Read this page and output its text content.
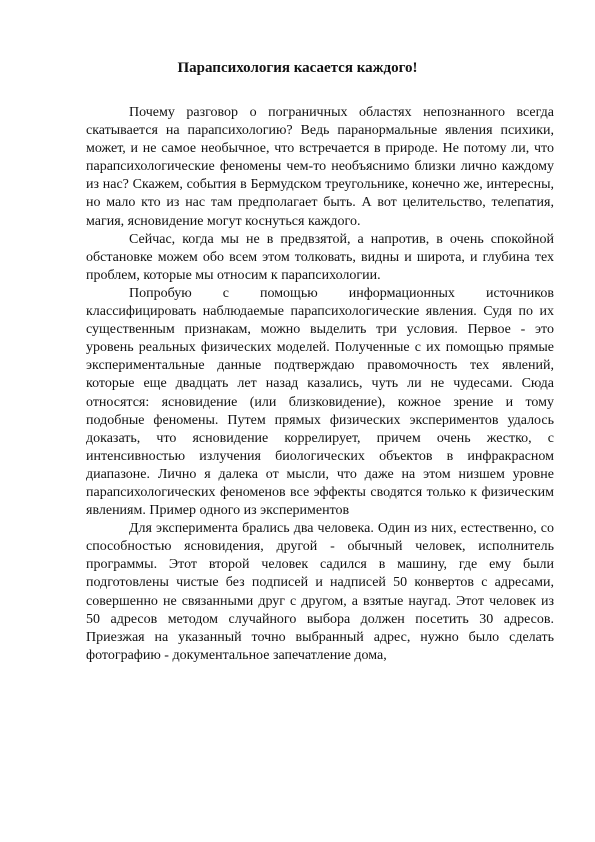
Парапсихология касается каждого!

Почему разговор о пограничных областях непознанного всегда скатывается на парапсихологию? Ведь паранормальные явления психики, может, и не самое необычное, что встречается в природе. Не потому ли, что парапсихологические феномены чем-то необъяснимо близки лично каждому из нас? Скажем, события в Бермудском треугольнике, конечно же, интересны, но мало кто из нас там предполагает быть. А вот целительство, телепатия, магия, ясновидение могут коснуться каждого.

Сейчас, когда мы не в предвзятой, а напротив, в очень спокойной обстановке можем обо всем этом толковать, видны и широта, и глубина тех проблем, которые мы относим к парапсихологии.

Попробую с помощью информационных источников классифицировать наблюдаемые парапсихологические явления. Судя по их существенным признакам, можно выделить три условия. Первое - это уровень реальных физических моделей. Полученные с их помощью прямые экспериментальные данные подтверждаю правомочность тех явлений, которые еще двадцать лет назад казались, чуть ли не чудесами. Сюда относятся: ясновидение (или близковидение), кожное зрение и тому подобные феномены. Путем прямых физических экспериментов удалось доказать, что ясновидение коррелирует, причем очень жестко, с интенсивностью излучения биологических объектов в инфракрасном диапазоне. Лично я далека от мысли, что даже на этом низшем уровне парапсихологических феноменов все эффекты сводятся только к физическим явлениям. Пример одного из экспериментов

Для эксперимента брались два человека. Один из них, естественно, со способностью ясновидения, другой - обычный человек, исполнитель программы. Этот второй человек садился в машину, где ему были подготовлены чистые без подписей и надписей 50 конвертов с адресами, совершенно не связанными друг с другом, а взятые наугад. Этот человек из 50 адресов методом случайного выбора должен посетить 30 адресов. Приезжая на указанный точно выбранный адрес, нужно было сделать фотографию - документальное запечатление дома,
